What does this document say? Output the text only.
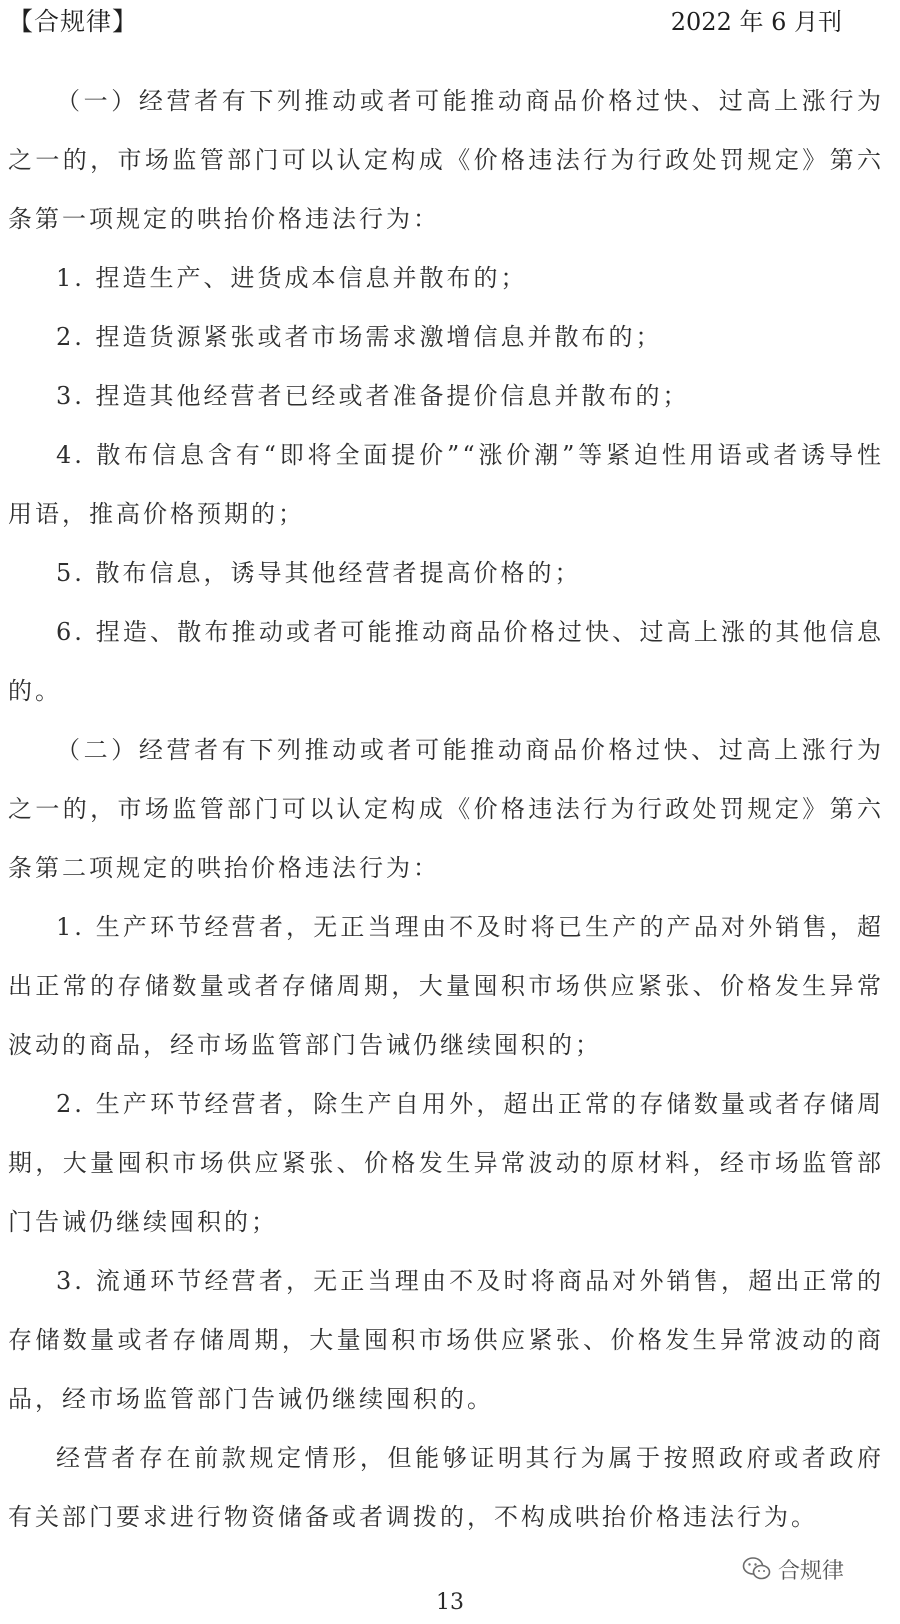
【合规律】	2022 年 6 月刊

（一）经营者有下列推动或者可能推动商品价格过快、过高上涨行为之一的，市场监管部门可以认定构成《价格违法行为行政处罚规定》第六条第一项规定的哄抬价格违法行为：

1. 捏造生产、进货成本信息并散布的；

2. 捏造货源紧张或者市场需求激增信息并散布的；

3. 捏造其他经营者已经或者准备提价信息并散布的；

4. 散布信息含有“即将全面提价”“涨价潮”等紧迫性用语或者诱导性用语，推高价格预期的；

5. 散布信息，诱导其他经营者提高价格的；

6. 捏造、散布推动或者可能推动商品价格过快、过高上涨的其他信息的。

（二）经营者有下列推动或者可能推动商品价格过快、过高上涨行为之一的，市场监管部门可以认定构成《价格违法行为行政处罚规定》第六条第二项规定的哄抬价格违法行为：

1. 生产环节经营者，无正当理由不及时将已生产的产品对外销售，超出正常的存储数量或者存储周期，大量囤积市场供应紧张、价格发生异常波动的商品，经市场监管部门告诫仍继续囤积的；

2. 生产环节经营者，除生产自用外，超出正常的存储数量或者存储周期，大量囤积市场供应紧张、价格发生异常波动的原材料，经市场监管部门告诫仍继续囤积的；

3. 流通环节经营者，无正当理由不及时将商品对外销售，超出正常的存储数量或者存储周期，大量囤积市场供应紧张、价格发生异常波动的商品，经市场监管部门告诫仍继续囤积的。

经营者存在前款规定情形，但能够证明其行为属于按照政府或者政府有关部门要求进行物资储备或者调拨的，不构成哄抬价格违法行为。

合规律
13
